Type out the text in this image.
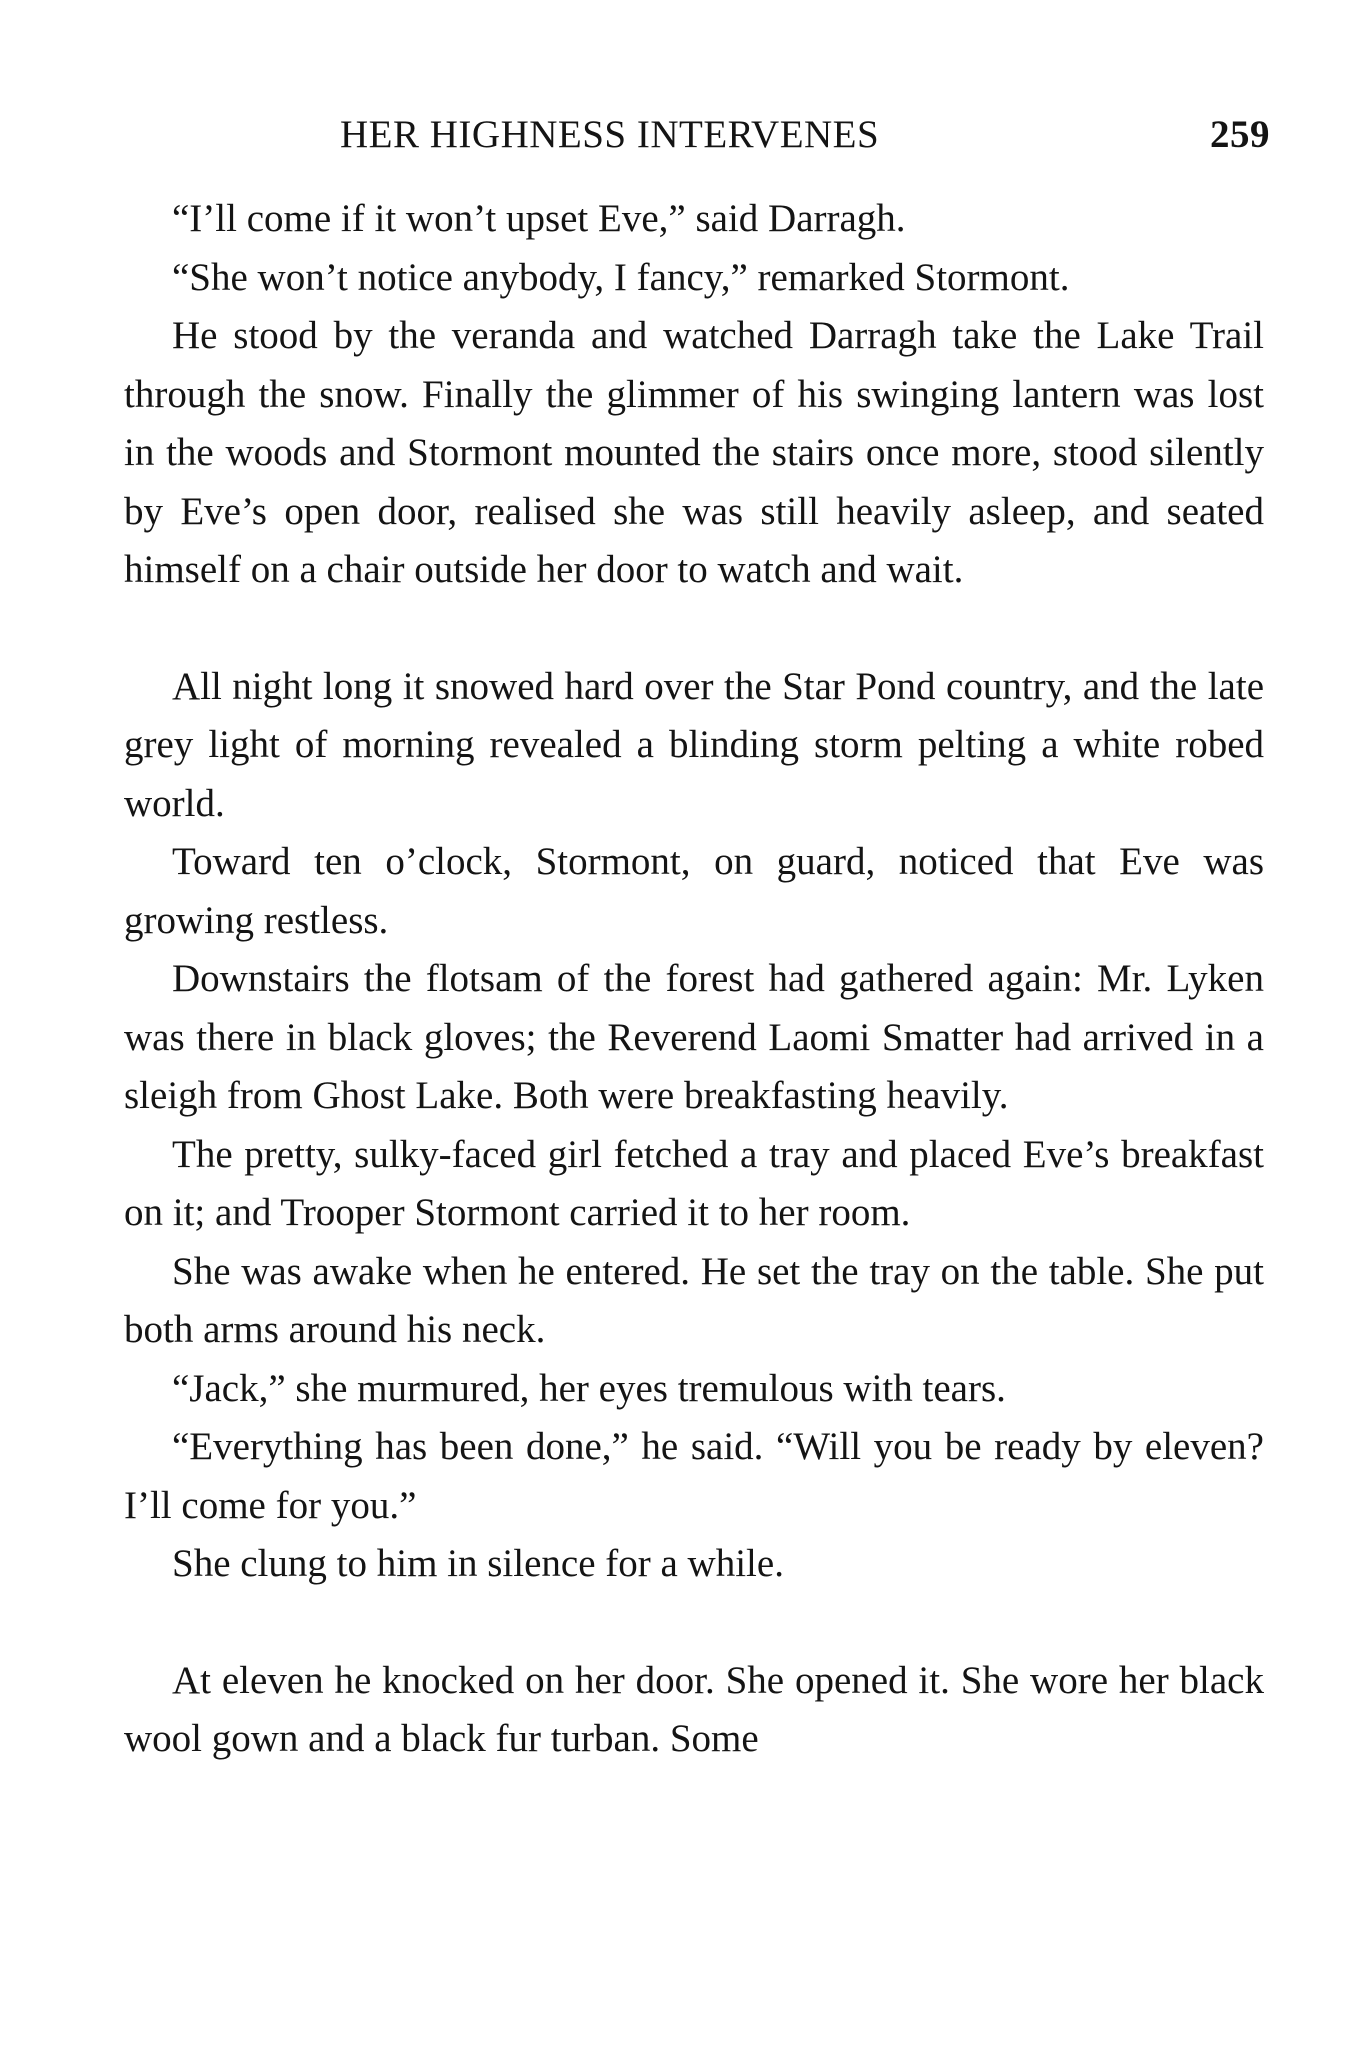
HER HIGHNESS INTERVENES	259

“I’ll come if it won’t upset Eve,” said Darragh.

“She won’t notice anybody, I fancy,” remarked Stormont.

He stood by the veranda and watched Darragh take the Lake Trail through the snow. Finally the glimmer of his swinging lantern was lost in the woods and Stormont mounted the stairs once more, stood silently by Eve’s open door, realised she was still heavily asleep, and seated himself on a chair outside her door to watch and wait.

All night long it snowed hard over the Star Pond country, and the late grey light of morning revealed a blinding storm pelting a white robed world.

Toward ten o’clock, Stormont, on guard, noticed that Eve was growing restless.

Downstairs the flotsam of the forest had gathered again: Mr. Lyken was there in black gloves; the Reverend Laomi Smatter had arrived in a sleigh from Ghost Lake. Both were breakfasting heavily.

The pretty, sulky-faced girl fetched a tray and placed Eve’s breakfast on it; and Trooper Stormont carried it to her room.

She was awake when he entered. He set the tray on the table. She put both arms around his neck.

“Jack,” she murmured, her eyes tremulous with tears.

“Everything has been done,” he said. “Will you be ready by eleven? I’ll come for you.”

She clung to him in silence for a while.

At eleven he knocked on her door. She opened it. She wore her black wool gown and a black fur turban. Some
